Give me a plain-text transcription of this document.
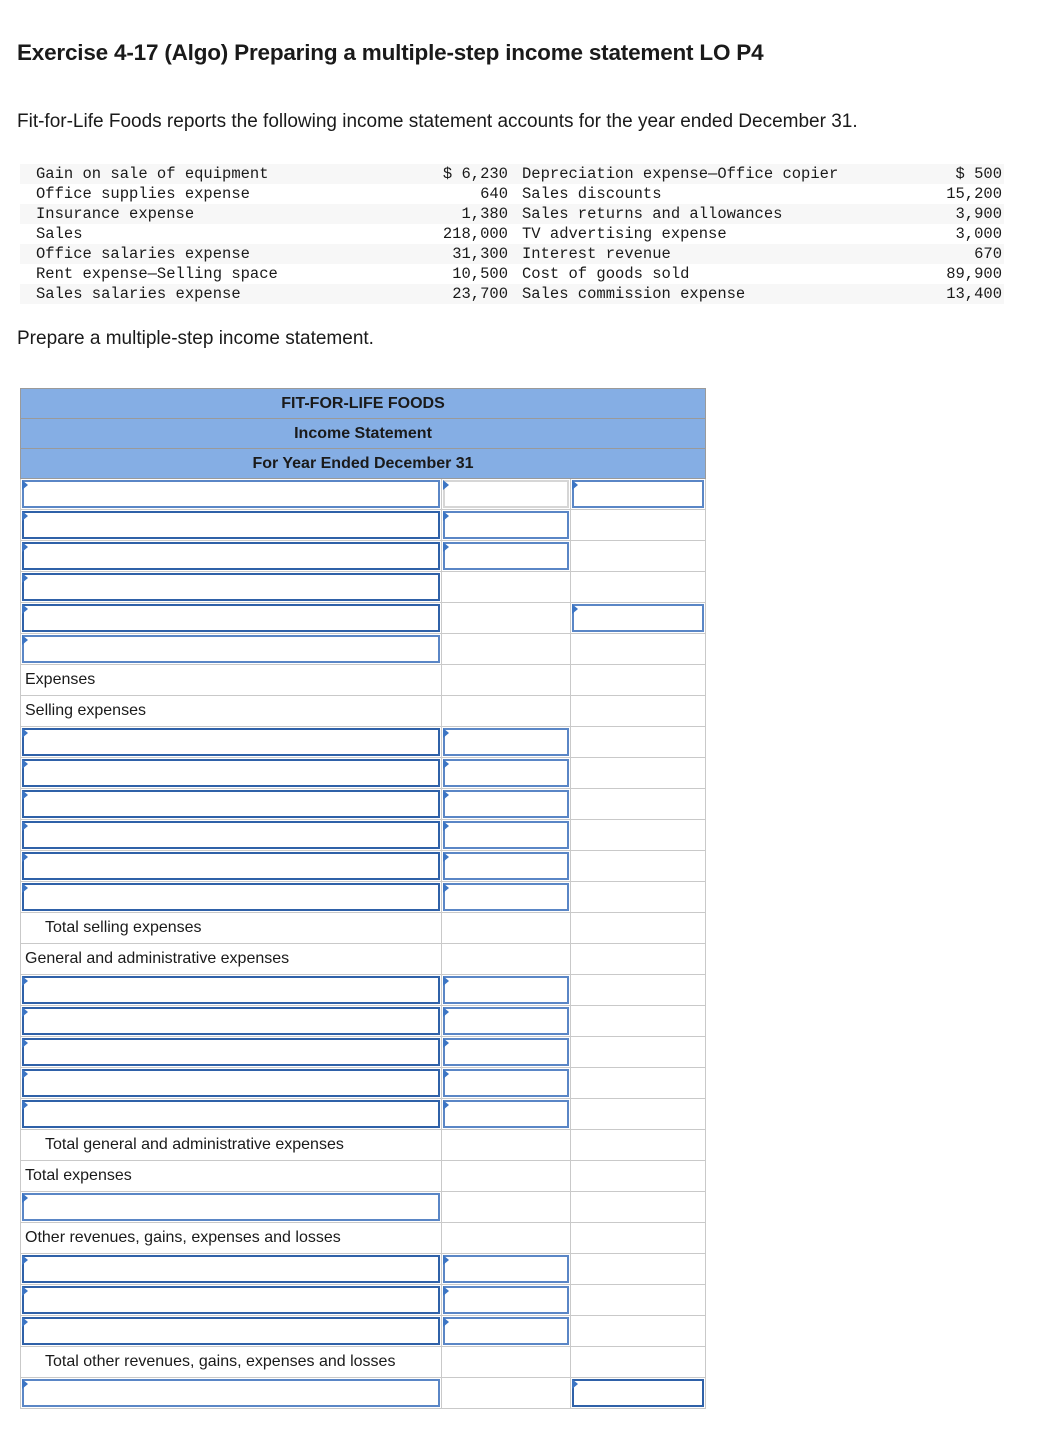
Exercise 4-17 (Algo) Preparing a multiple-step income statement LO P4
Fit-for-Life Foods reports the following income statement accounts for the year ended December 31.
Gain on sale of equipment	$ 6,230	Depreciation expense—Office copier	$ 500
Office supplies expense	640	Sales discounts	15,200
Insurance expense	1,380	Sales returns and allowances	3,900
Sales	218,000	TV advertising expense	3,000
Office salaries expense	31,300	Interest revenue	670
Rent expense—Selling space	10,500	Cost of goods sold	89,900
Sales salaries expense	23,700	Sales commission expense	13,400
Prepare a multiple-step income statement.
FIT-FOR-LIFE FOODS		
Income Statement		
For Year Ended December 31		

Expenses		
Selling expenses		

Total selling expenses		
General and administrative expenses		

Total general and administrative expenses		
Total expenses		

Other revenues, gains, expenses and losses		

Total other revenues, gains, expenses and losses		
